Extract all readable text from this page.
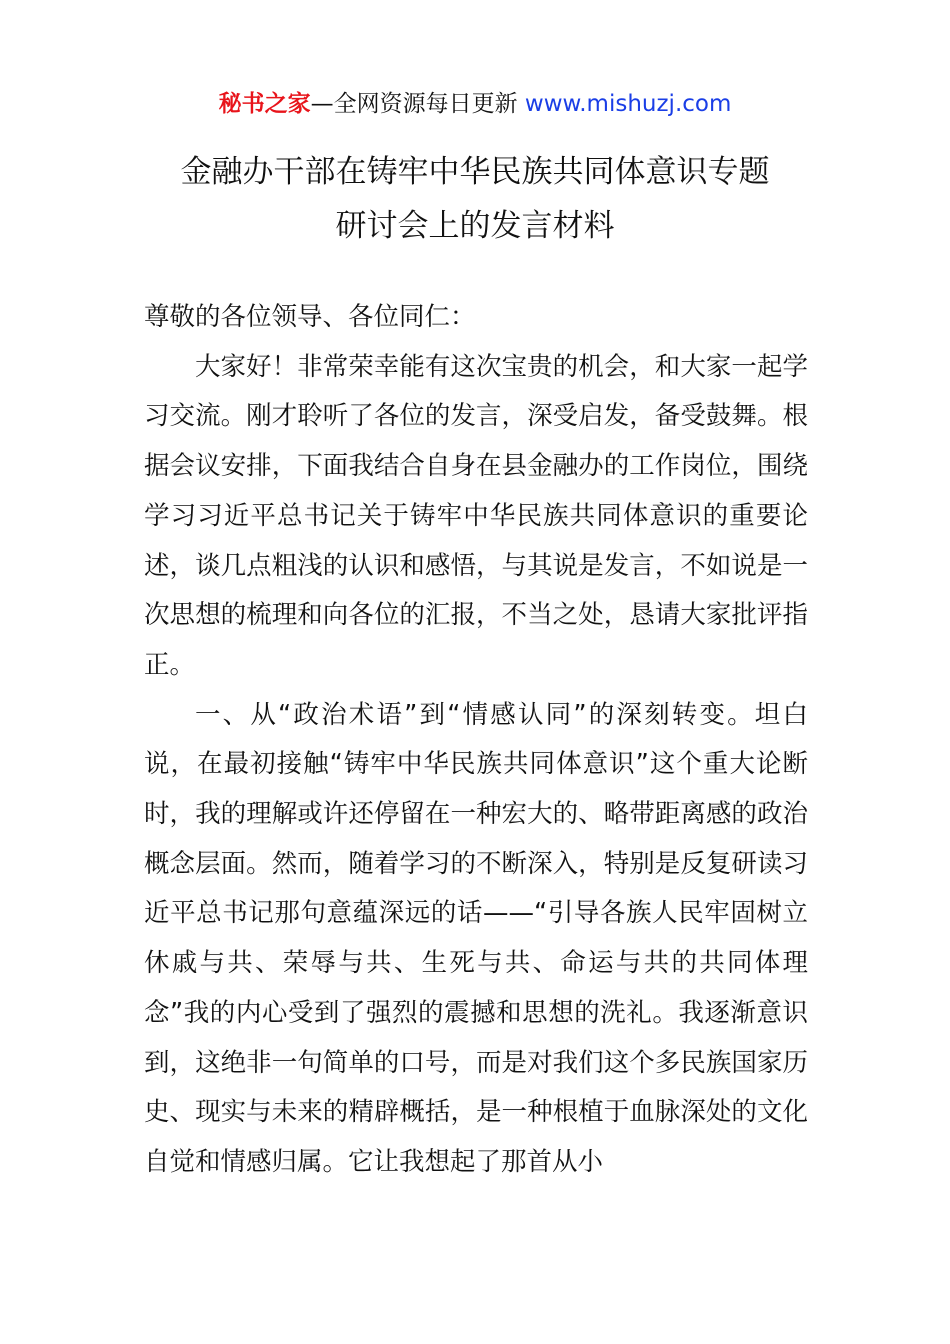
秘书之家—全网资源每日更新 www.mishuzj.com
金融办干部在铸牢中华民族共同体意识专题
研讨会上的发言材料

尊敬的各位领导、各位同仁：

大家好！非常荣幸能有这次宝贵的机会，和大家一起学习交流。刚才聆听了各位的发言，深受启发，备受鼓舞。根据会议安排，下面我结合自身在县金融办的工作岗位，围绕学习习近平总书记关于铸牢中华民族共同体意识的重要论述，谈几点粗浅的认识和感悟，与其说是发言，不如说是一次思想的梳理和向各位的汇报，不当之处，恳请大家批评指正。

一、从“政治术语”到“情感认同”的深刻转变。坦白说，在最初接触“铸牢中华民族共同体意识”这个重大论断时，我的理解或许还停留在一种宏大的、略带距离感的政治概念层面。然而，随着学习的不断深入，特别是反复研读习近平总书记那句意蕴深远的话——“引导各族人民牢固树立休戚与共、荣辱与共、生死与共、命运与共的共同体理念”我的内心受到了强烈的震撼和思想的洗礼。我逐渐意识到，这绝非一句简单的口号，而是对我们这个多民族国家历史、现实与未来的精辟概括，是一种根植于血脉深处的文化自觉和情感归属。它让我想起了那首从小
